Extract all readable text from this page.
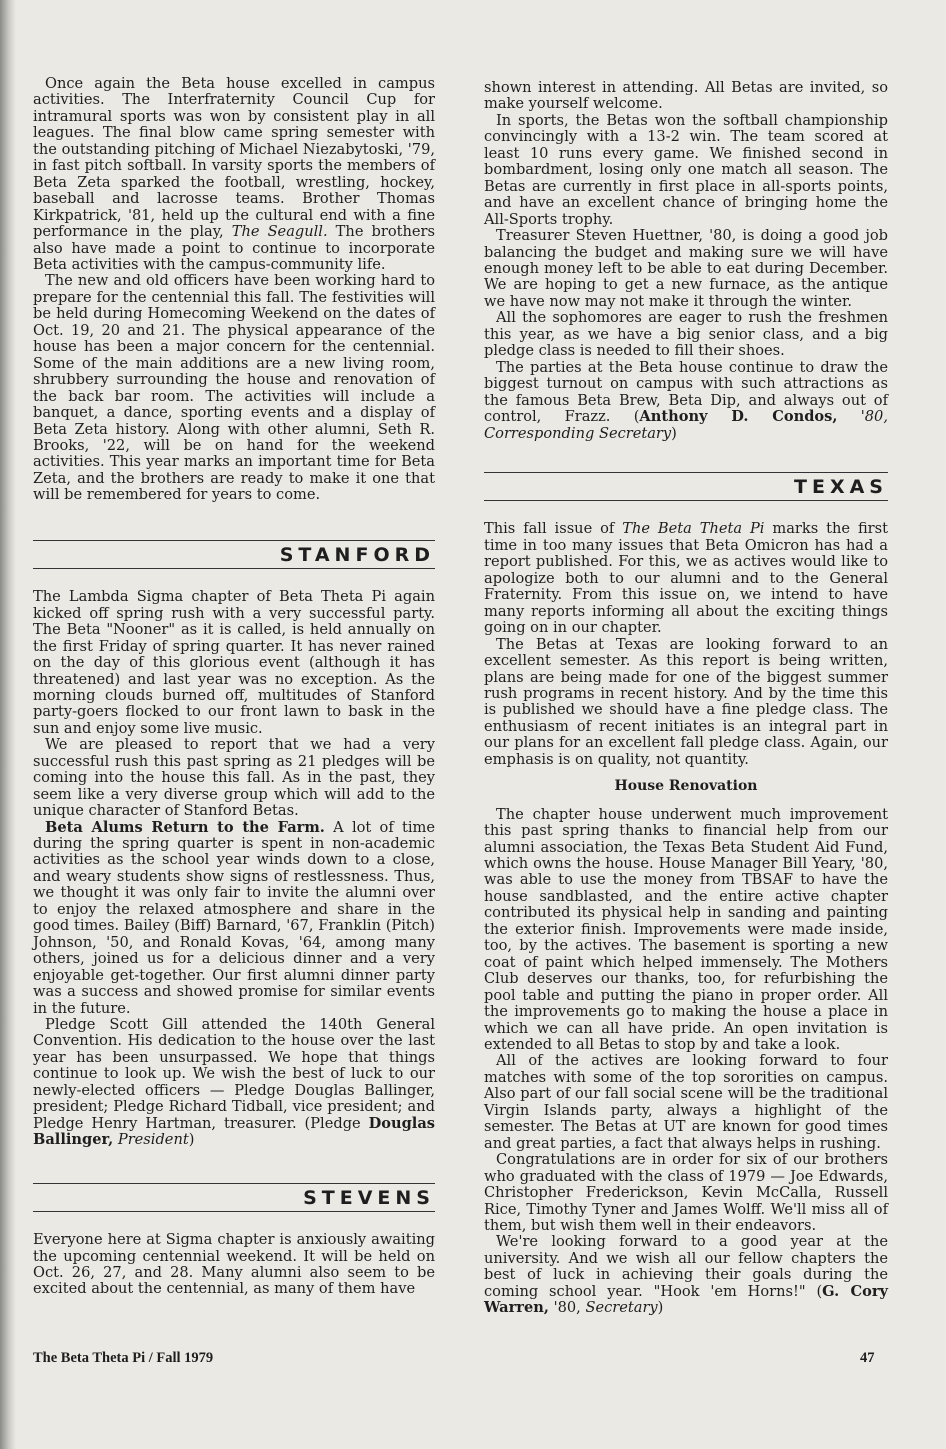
Once again the Beta house excelled in campus activities. The Interfraternity Council Cup for intramural sports was won by consistent play in all leagues. The final blow came spring semester with the outstanding pitching of Michael Niezabytoski, '79, in fast pitch softball. In varsity sports the members of Beta Zeta sparked the football, wrestling, hockey, baseball and lacrosse teams. Brother Thomas Kirkpatrick, '81, held up the cultural end with a fine performance in the play, The Seagull. The brothers also have made a point to continue to incorporate Beta activities with the campus-community life.

The new and old officers have been working hard to prepare for the centennial this fall. The festivities will be held during Homecoming Weekend on the dates of Oct. 19, 20 and 21. The physical appearance of the house has been a major concern for the centennial. Some of the main additions are a new living room, shrubbery surrounding the house and renovation of the back bar room. The activities will include a banquet, a dance, sporting events and a display of Beta Zeta history. Along with other alumni, Seth R. Brooks, '22, will be on hand for the weekend activities. This year marks an important time for Beta Zeta, and the brothers are ready to make it one that will be remembered for years to come.

STANFORD

The Lambda Sigma chapter of Beta Theta Pi again kicked off spring rush with a very successful party. The Beta "Nooner" as it is called, is held annually on the first Friday of spring quarter. It has never rained on the day of this glorious event (although it has threatened) and last year was no exception. As the morning clouds burned off, multitudes of Stanford party-goers flocked to our front lawn to bask in the sun and enjoy some live music.

We are pleased to report that we had a very successful rush this past spring as 21 pledges will be coming into the house this fall. As in the past, they seem like a very diverse group which will add to the unique character of Stanford Betas.

Beta Alums Return to the Farm. A lot of time during the spring quarter is spent in non-academic activities as the school year winds down to a close, and weary students show signs of restlessness. Thus, we thought it was only fair to invite the alumni over to enjoy the relaxed atmosphere and share in the good times. Bailey (Biff) Barnard, '67, Franklin (Pitch) Johnson, '50, and Ronald Kovas, '64, among many others, joined us for a delicious dinner and a very enjoyable get-together. Our first alumni dinner party was a success and showed promise for similar events in the future.

Pledge Scott Gill attended the 140th General Convention. His dedication to the house over the last year has been unsurpassed. We hope that things continue to look up. We wish the best of luck to our newly-elected officers — Pledge Douglas Ballinger, president; Pledge Richard Tidball, vice president; and Pledge Henry Hartman, treasurer. (Pledge Douglas Ballinger, President)

STEVENS

Everyone here at Sigma chapter is anxiously awaiting the upcoming centennial weekend. It will be held on Oct. 26, 27, and 28. Many alumni also seem to be excited about the centennial, as many of them have

shown interest in attending. All Betas are invited, so make yourself welcome.

In sports, the Betas won the softball championship convincingly with a 13-2 win. The team scored at least 10 runs every game. We finished second in bombardment, losing only one match all season. The Betas are currently in first place in all-sports points, and have an excellent chance of bringing home the All-Sports trophy.

Treasurer Steven Huettner, '80, is doing a good job balancing the budget and making sure we will have enough money left to be able to eat during December. We are hoping to get a new furnace, as the antique we have now may not make it through the winter.

All the sophomores are eager to rush the freshmen this year, as we have a big senior class, and a big pledge class is needed to fill their shoes.

The parties at the Beta house continue to draw the biggest turnout on campus with such attractions as the famous Beta Brew, Beta Dip, and always out of control, Frazz. (Anthony D. Condos, '80, Corresponding Secretary)

TEXAS

This fall issue of The Beta Theta Pi marks the first time in too many issues that Beta Omicron has had a report published. For this, we as actives would like to apologize both to our alumni and to the General Fraternity. From this issue on, we intend to have many reports informing all about the exciting things going on in our chapter.

The Betas at Texas are looking forward to an excellent semester. As this report is being written, plans are being made for one of the biggest summer rush programs in recent history. And by the time this is published we should have a fine pledge class. The enthusiasm of recent initiates is an integral part in our plans for an excellent fall pledge class. Again, our emphasis is on quality, not quantity.

House Renovation

The chapter house underwent much improvement this past spring thanks to financial help from our alumni association, the Texas Beta Student Aid Fund, which owns the house. House Manager Bill Yeary, '80, was able to use the money from TBSAF to have the house sandblasted, and the entire active chapter contributed its physical help in sanding and painting the exterior finish. Improvements were made inside, too, by the actives. The basement is sporting a new coat of paint which helped immensely. The Mothers Club deserves our thanks, too, for refurbishing the pool table and putting the piano in proper order. All the improvements go to making the house a place in which we can all have pride. An open invitation is extended to all Betas to stop by and take a look.

All of the actives are looking forward to four matches with some of the top sororities on campus. Also part of our fall social scene will be the traditional Virgin Islands party, always a highlight of the semester. The Betas at UT are known for good times and great parties, a fact that always helps in rushing.

Congratulations are in order for six of our brothers who graduated with the class of 1979 — Joe Edwards, Christopher Frederickson, Kevin McCalla, Russell Rice, Timothy Tyner and James Wolff. We'll miss all of them, but wish them well in their endeavors.

We're looking forward to a good year at the university. And we wish all our fellow chapters the best of luck in achieving their goals during the coming school year. "Hook 'em Horns!" (G. Cory Warren, '80, Secretary)

The Beta Theta Pi / Fall 1979	47
